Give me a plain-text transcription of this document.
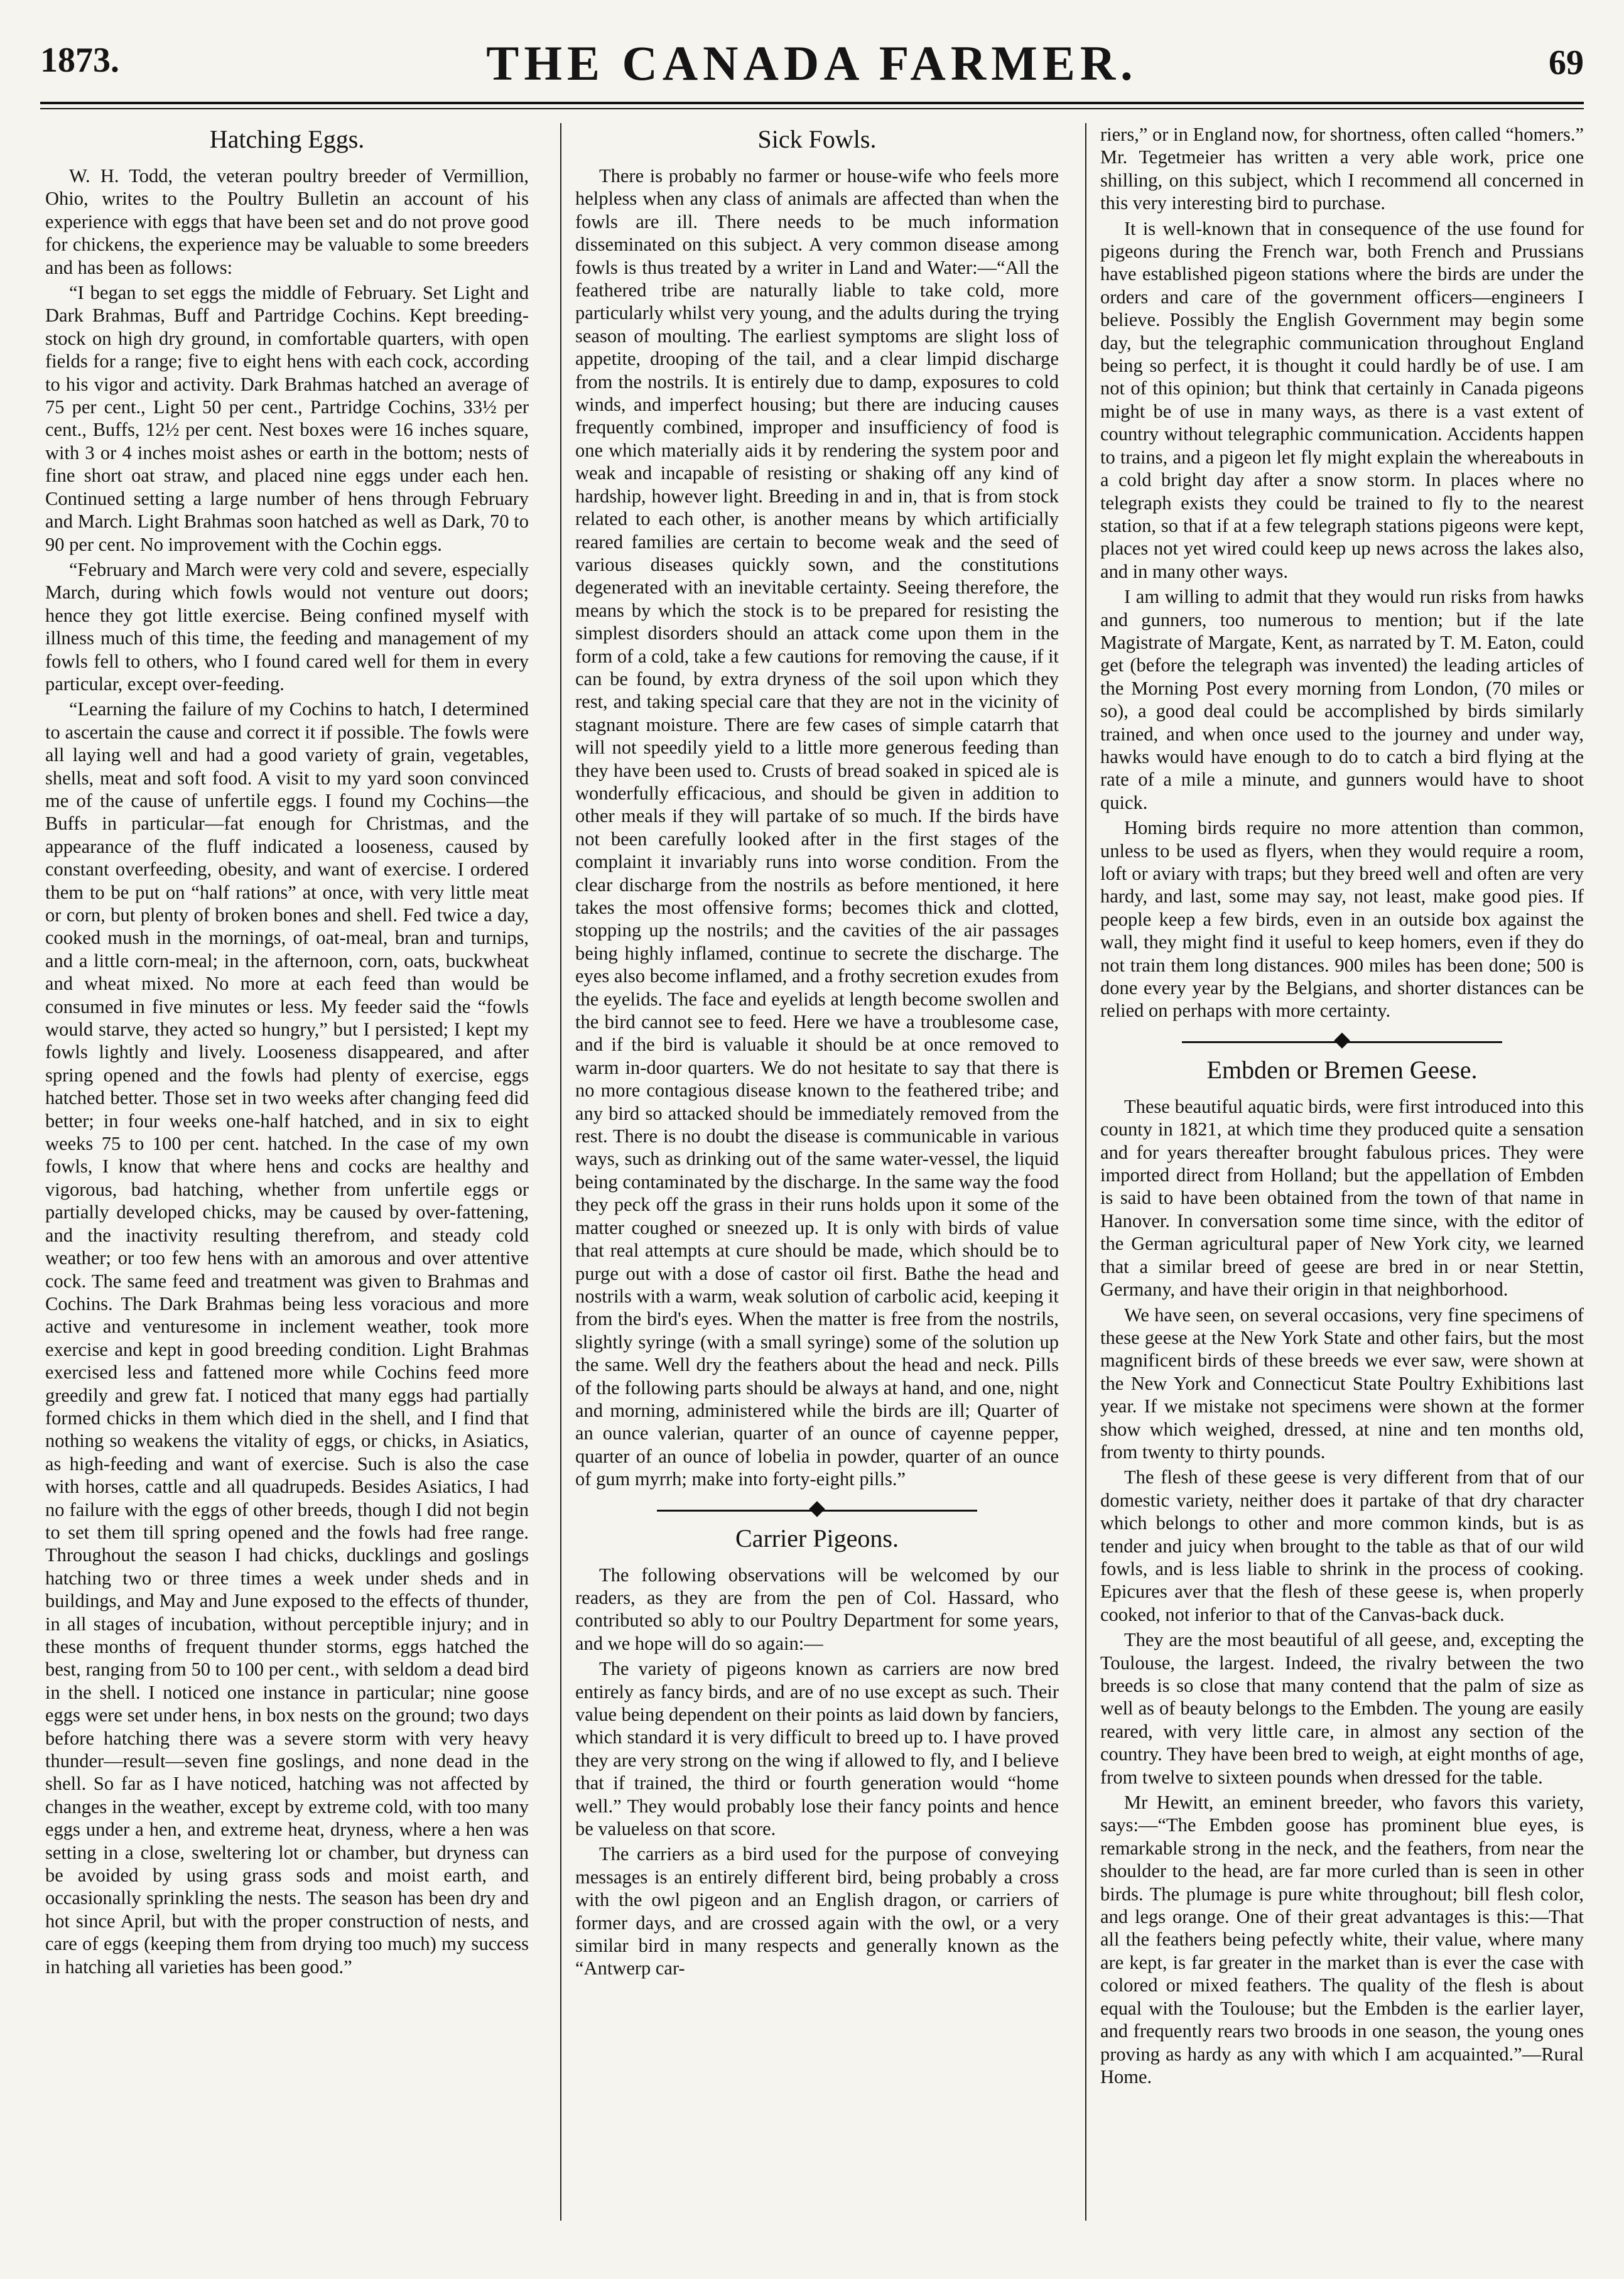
1873.	THE CANADA FARMER.	69
Hatching Eggs.

W. H. Todd, the veteran poultry breeder of Vermillion, Ohio, writes to the Poultry Bulletin an account of his experience with eggs that have been set and do not prove good for chickens, the experience may be valuable to some breeders and has been as follows:

“I began to set eggs the middle of February. Set Light and Dark Brahmas, Buff and Partridge Cochins. Kept breeding-stock on high dry ground, in comfortable quarters, with open fields for a range; five to eight hens with each cock, according to his vigor and activity. Dark Brahmas hatched an average of 75 per cent., Light 50 per cent., Partridge Cochins, 33½ per cent., Buffs, 12½ per cent. Nest boxes were 16 inches square, with 3 or 4 inches moist ashes or earth in the bottom; nests of fine short oat straw, and placed nine eggs under each hen. Continued setting a large number of hens through February and March. Light Brahmas soon hatched as well as Dark, 70 to 90 per cent. No improvement with the Cochin eggs.

“February and March were very cold and severe, especially March, during which fowls would not venture out doors; hence they got little exercise. Being confined myself with illness much of this time, the feeding and management of my fowls fell to others, who I found cared well for them in every particular, except over-feeding.

“Learning the failure of my Cochins to hatch, I determined to ascertain the cause and correct it if possible. The fowls were all laying well and had a good variety of grain, vegetables, shells, meat and soft food. A visit to my yard soon convinced me of the cause of unfertile eggs. I found my Cochins—the Buffs in particular—fat enough for Christmas, and the appearance of the fluff indicated a looseness, caused by constant overfeeding, obesity, and want of exercise. I ordered them to be put on “half rations” at once, with very little meat or corn, but plenty of broken bones and shell. Fed twice a day, cooked mush in the mornings, of oat-meal, bran and turnips, and a little corn-meal; in the afternoon, corn, oats, buckwheat and wheat mixed. No more at each feed than would be consumed in five minutes or less. My feeder said the “fowls would starve, they acted so hungry,” but I persisted; I kept my fowls lightly and lively. Looseness disappeared, and after spring opened and the fowls had plenty of exercise, eggs hatched better. Those set in two weeks after changing feed did better; in four weeks one-half hatched, and in six to eight weeks 75 to 100 per cent. hatched. In the case of my own fowls, I know that where hens and cocks are healthy and vigorous, bad hatching, whether from unfertile eggs or partially developed chicks, may be caused by over-fattening, and the inactivity resulting therefrom, and steady cold weather; or too few hens with an amorous and over attentive cock. The same feed and treatment was given to Brahmas and Cochins. The Dark Brahmas being less voracious and more active and venturesome in inclement weather, took more exercise and kept in good breeding condition. Light Brahmas exercised less and fattened more while Cochins feed more greedily and grew fat. I noticed that many eggs had partially formed chicks in them which died in the shell, and I find that nothing so weakens the vitality of eggs, or chicks, in Asiatics, as high-feeding and want of exercise. Such is also the case with horses, cattle and all quadrupeds. Besides Asiatics, I had no failure with the eggs of other breeds, though I did not begin to set them till spring opened and the fowls had free range. Throughout the season I had chicks, ducklings and goslings hatching two or three times a week under sheds and in buildings, and May and June exposed to the effects of thunder, in all stages of incubation, without perceptible injury; and in these months of frequent thunder storms, eggs hatched the best, ranging from 50 to 100 per cent., with seldom a dead bird in the shell. I noticed one instance in particular; nine goose eggs were set under hens, in box nests on the ground; two days before hatching there was a severe storm with very heavy thunder—result—seven fine goslings, and none dead in the shell. So far as I have noticed, hatching was not affected by changes in the weather, except by extreme cold, with too many eggs under a hen, and extreme heat, dryness, where a hen was setting in a close, sweltering lot or chamber, but dryness can be avoided by using grass sods and moist earth, and occasionally sprinkling the nests. The season has been dry and hot since April, but with the proper construction of nests, and care of eggs (keeping them from drying too much) my success in hatching all varieties has been good.”

Sick Fowls.

There is probably no farmer or house-wife who feels more helpless when any class of animals are affected than when the fowls are ill. There needs to be much information disseminated on this subject. A very common disease among fowls is thus treated by a writer in Land and Water:—“All the feathered tribe are naturally liable to take cold, more particularly whilst very young, and the adults during the trying season of moulting. The earliest symptoms are slight loss of appetite, drooping of the tail, and a clear limpid discharge from the nostrils. It is entirely due to damp, exposures to cold winds, and imperfect housing; but there are inducing causes frequently combined, improper and insufficiency of food is one which materially aids it by rendering the system poor and weak and incapable of resisting or shaking off any kind of hardship, however light. Breeding in and in, that is from stock related to each other, is another means by which artificially reared families are certain to become weak and the seed of various diseases quickly sown, and the constitutions degenerated with an inevitable certainty. Seeing therefore, the means by which the stock is to be prepared for resisting the simplest disorders should an attack come upon them in the form of a cold, take a few cautions for removing the cause, if it can be found, by extra dryness of the soil upon which they rest, and taking special care that they are not in the vicinity of stagnant moisture. There are few cases of simple catarrh that will not speedily yield to a little more generous feeding than they have been used to. Crusts of bread soaked in spiced ale is wonderfully efficacious, and should be given in addition to other meals if they will partake of so much. If the birds have not been carefully looked after in the first stages of the complaint it invariably runs into worse condition. From the clear discharge from the nostrils as before mentioned, it here takes the most offensive forms; becomes thick and clotted, stopping up the nostrils; and the cavities of the air passages being highly inflamed, continue to secrete the discharge. The eyes also become inflamed, and a frothy secretion exudes from the eyelids. The face and eyelids at length become swollen and the bird cannot see to feed. Here we have a troublesome case, and if the bird is valuable it should be at once removed to warm in-door quarters. We do not hesitate to say that there is no more contagious disease known to the feathered tribe; and any bird so attacked should be immediately removed from the rest. There is no doubt the disease is communicable in various ways, such as drinking out of the same water-vessel, the liquid being contaminated by the discharge. In the same way the food they peck off the grass in their runs holds upon it some of the matter coughed or sneezed up. It is only with birds of value that real attempts at cure should be made, which should be to purge out with a dose of castor oil first. Bathe the head and nostrils with a warm, weak solution of carbolic acid, keeping it from the bird's eyes. When the matter is free from the nostrils, slightly syringe (with a small syringe) some of the solution up the same. Well dry the feathers about the head and neck. Pills of the following parts should be always at hand, and one, night and morning, administered while the birds are ill; Quarter of an ounce valerian, quarter of an ounce of cayenne pepper, quarter of an ounce of lobelia in powder, quarter of an ounce of gum myrrh; make into forty-eight pills.”

Carrier Pigeons.

The following observations will be welcomed by our readers, as they are from the pen of Col. Hassard, who contributed so ably to our Poultry Department for some years, and we hope will do so again:—

The variety of pigeons known as carriers are now bred entirely as fancy birds, and are of no use except as such. Their value being dependent on their points as laid down by fanciers, which standard it is very difficult to breed up to. I have proved they are very strong on the wing if allowed to fly, and I believe that if trained, the third or fourth generation would “home well.” They would probably lose their fancy points and hence be valueless on that score.

The carriers as a bird used for the purpose of conveying messages is an entirely different bird, being probably a cross with the owl pigeon and an English dragon, or carriers of former days, and are crossed again with the owl, or a very similar bird in many respects and generally known as the “Antwerp car-

riers,” or in England now, for shortness, often called “homers.” Mr. Tegetmeier has written a very able work, price one shilling, on this subject, which I recommend all concerned in this very interesting bird to purchase.

It is well-known that in consequence of the use found for pigeons during the French war, both French and Prussians have established pigeon stations where the birds are under the orders and care of the government officers—engineers I believe. Possibly the English Government may begin some day, but the telegraphic communication throughout England being so perfect, it is thought it could hardly be of use. I am not of this opinion; but think that certainly in Canada pigeons might be of use in many ways, as there is a vast extent of country without telegraphic communication. Accidents happen to trains, and a pigeon let fly might explain the whereabouts in a cold bright day after a snow storm. In places where no telegraph exists they could be trained to fly to the nearest station, so that if at a few telegraph stations pigeons were kept, places not yet wired could keep up news across the lakes also, and in many other ways.

I am willing to admit that they would run risks from hawks and gunners, too numerous to mention; but if the late Magistrate of Margate, Kent, as narrated by T. M. Eaton, could get (before the telegraph was invented) the leading articles of the Morning Post every morning from London, (70 miles or so), a good deal could be accomplished by birds similarly trained, and when once used to the journey and under way, hawks would have enough to do to catch a bird flying at the rate of a mile a minute, and gunners would have to shoot quick.

Homing birds require no more attention than common, unless to be used as flyers, when they would require a room, loft or aviary with traps; but they breed well and often are very hardy, and last, some may say, not least, make good pies. If people keep a few birds, even in an outside box against the wall, they might find it useful to keep homers, even if they do not train them long distances. 900 miles has been done; 500 is done every year by the Belgians, and shorter distances can be relied on perhaps with more certainty.

Embden or Bremen Geese.

These beautiful aquatic birds, were first introduced into this county in 1821, at which time they produced quite a sensation and for years thereafter brought fabulous prices. They were imported direct from Holland; but the appellation of Embden is said to have been obtained from the town of that name in Hanover. In conversation some time since, with the editor of the German agricultural paper of New York city, we learned that a similar breed of geese are bred in or near Stettin, Germany, and have their origin in that neighborhood.

We have seen, on several occasions, very fine specimens of these geese at the New York State and other fairs, but the most magnificent birds of these breeds we ever saw, were shown at the New York and Connecticut State Poultry Exhibitions last year. If we mistake not specimens were shown at the former show which weighed, dressed, at nine and ten months old, from twenty to thirty pounds.

The flesh of these geese is very different from that of our domestic variety, neither does it partake of that dry character which belongs to other and more common kinds, but is as tender and juicy when brought to the table as that of our wild fowls, and is less liable to shrink in the process of cooking. Epicures aver that the flesh of these geese is, when properly cooked, not inferior to that of the Canvas-back duck.

They are the most beautiful of all geese, and, excepting the Toulouse, the largest. Indeed, the rivalry between the two breeds is so close that many contend that the palm of size as well as of beauty belongs to the Embden. The young are easily reared, with very little care, in almost any section of the country. They have been bred to weigh, at eight months of age, from twelve to sixteen pounds when dressed for the table.

Mr Hewitt, an eminent breeder, who favors this variety, says:—“The Embden goose has prominent blue eyes, is remarkable strong in the neck, and the feathers, from near the shoulder to the head, are far more curled than is seen in other birds. The plumage is pure white throughout; bill flesh color, and legs orange. One of their great advantages is this:—That all the feathers being pefectly white, their value, where many are kept, is far greater in the market than is ever the case with colored or mixed feathers. The quality of the flesh is about equal with the Toulouse; but the Embden is the earlier layer, and frequently rears two broods in one season, the young ones proving as hardy as any with which I am acquainted.”—Rural Home.
